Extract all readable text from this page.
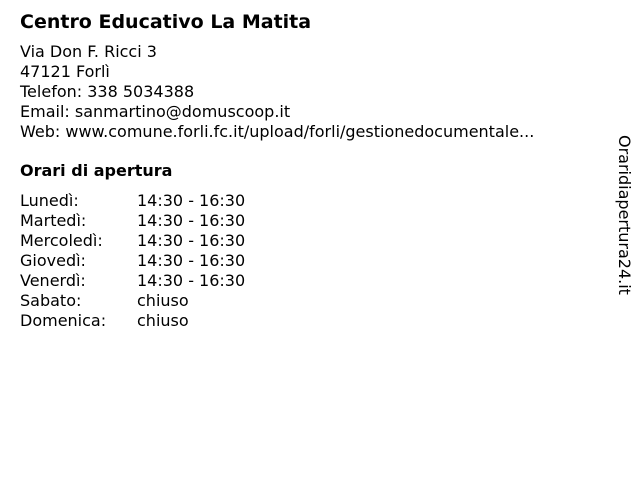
Centro Educativo La Matita
Via Don F. Ricci 3
47121 Forlì
Telefon: 338 5034388
Email: sanmartino@domuscoop.it
Web: www.comune.forli.fc.it/upload/forli/gestionedocumentale...
Orari di apertura
Lunedì:	14:30 - 16:30
Martedì:	14:30 - 16:30
Mercoledì:	14:30 - 16:30
Giovedì:	14:30 - 16:30
Venerdì:	14:30 - 16:30
Sabato:	chiuso
Domenica:	chiuso
Oraridiapertura24.it
